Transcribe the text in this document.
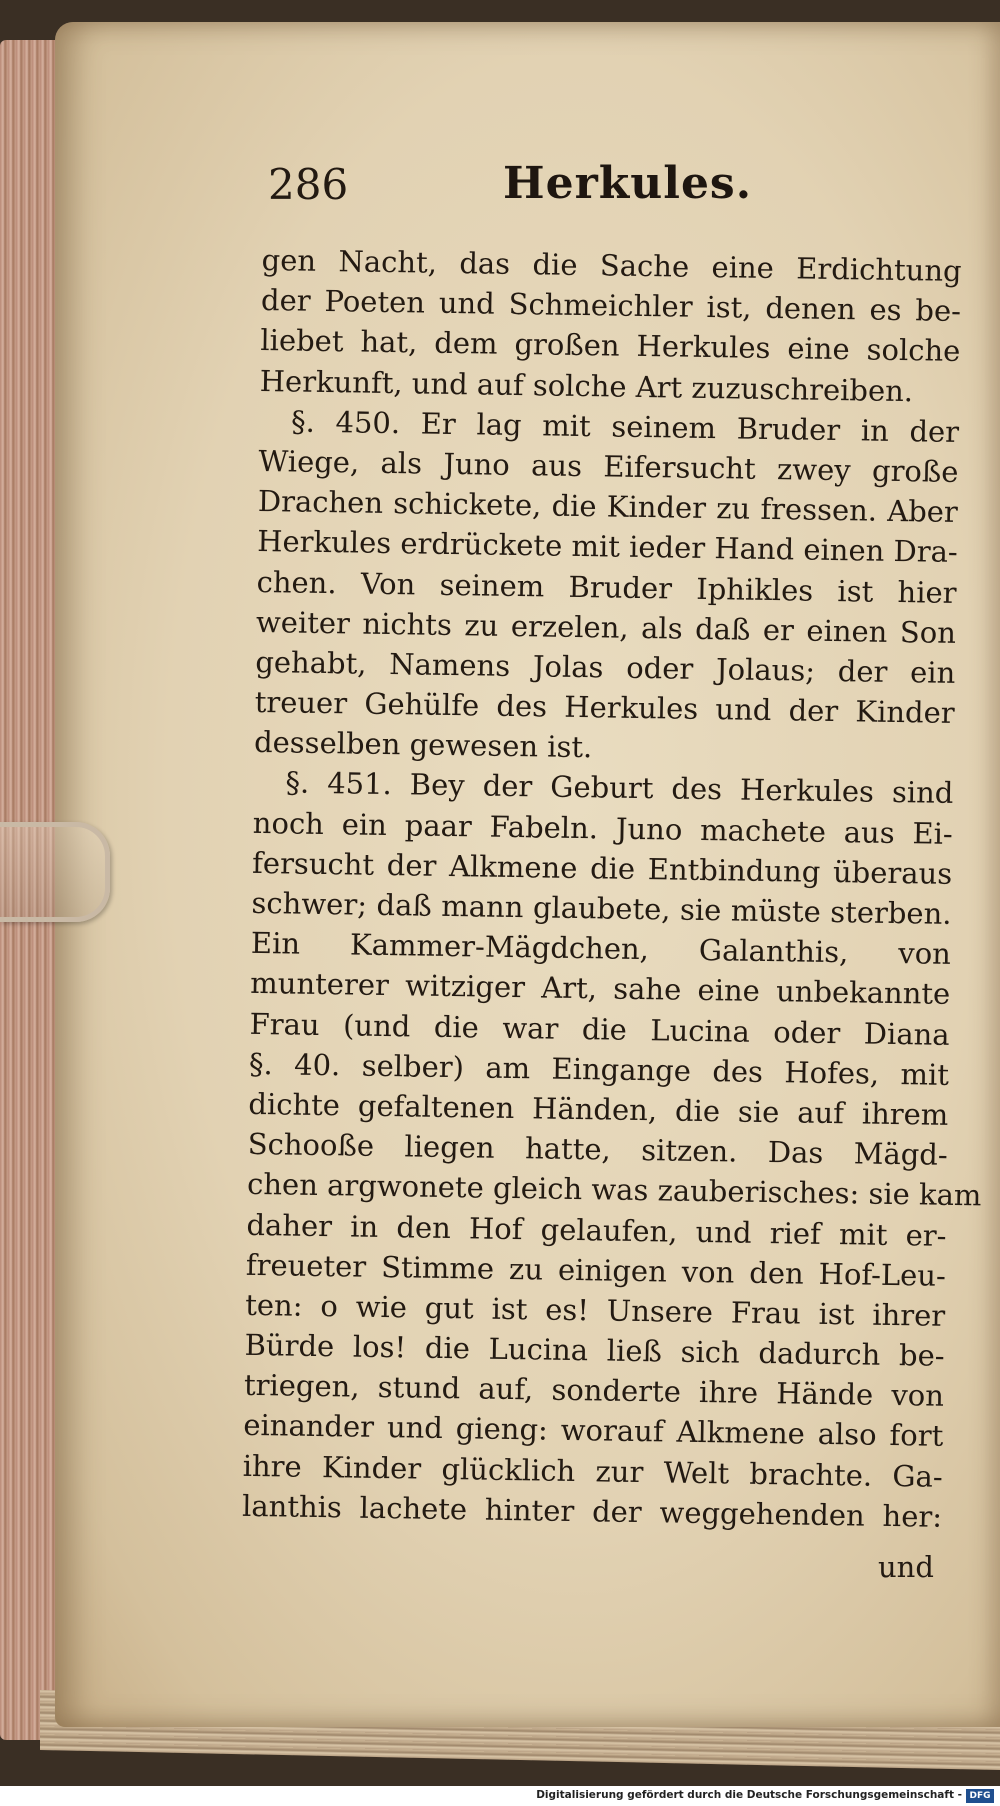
286	Herkules.
gen Nacht, das die Sache eine Erdichtung
der Poeten und Schmeichler ist, denen es be-
liebet hat, dem großen Herkules eine solche
Herkunft, und auf solche Art zuzuschreiben.
§. 450. Er lag mit seinem Bruder in der
Wiege, als Juno aus Eifersucht zwey große
Drachen schickete, die Kinder zu fressen. Aber
Herkules erdrückete mit ieder Hand einen Dra-
chen. Von seinem Bruder Iphikles ist hier
weiter nichts zu erzelen, als daß er einen Son
gehabt, Namens Jolas oder Jolaus; der ein
treuer Gehülfe des Herkules und der Kinder
desselben gewesen ist.
§. 451. Bey der Geburt des Herkules sind
noch ein paar Fabeln. Juno machete aus Ei-
fersucht der Alkmene die Entbindung überaus
schwer; daß mann glaubete, sie müste sterben.
Ein Kammer-Mägdchen, Galanthis, von
munterer witziger Art, sahe eine unbekannte
Frau (und die war die Lucina oder Diana
§. 40. selber) am Eingange des Hofes, mit
dichte gefaltenen Händen, die sie auf ihrem
Schooße liegen hatte, sitzen. Das Mägd-
chen argwonete gleich was zauberisches: sie kam
daher in den Hof gelaufen, und rief mit er-
freueter Stimme zu einigen von den Hof-Leu-
ten: o wie gut ist es! Unsere Frau ist ihrer
Bürde los! die Lucina ließ sich dadurch be-
triegen, stund auf, sonderte ihre Hände von
einander und gieng: worauf Alkmene also fort
ihre Kinder glücklich zur Welt brachte. Ga-
lanthis lachete hinter der weggehenden her:
und
Digitalisierung gefördert durch die Deutsche Forschungsgemeinschaft - DFG
